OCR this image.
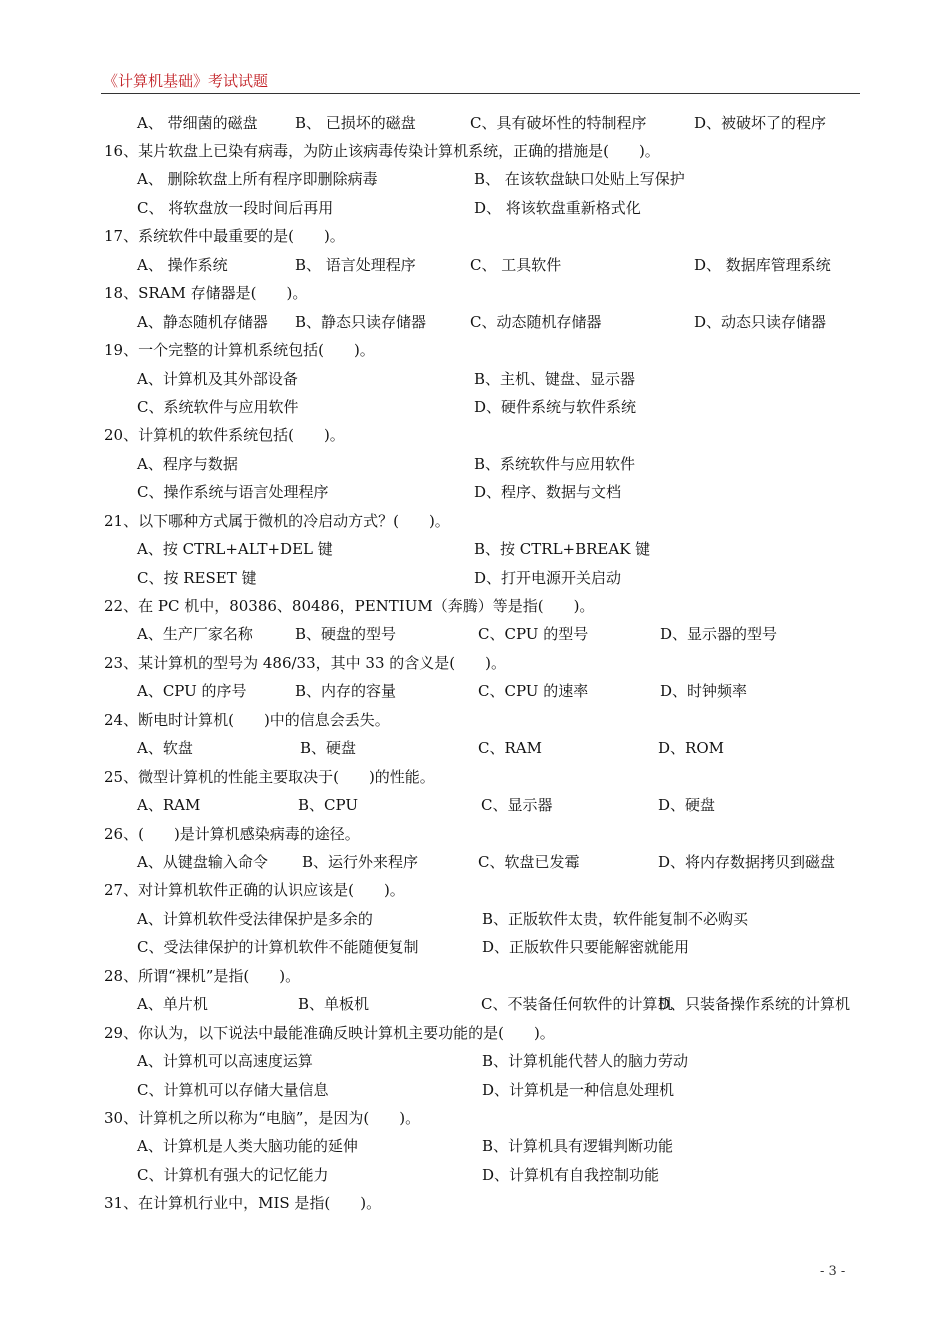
《计算机基础》考试试题
A、 带细菌的磁盘 B、 已损坏的磁盘	C、具有破坏性的特制程序	D、被破坏了的程序
16、某片软盘上已染有病毒，为防止该病毒传染计算机系统，正确的措施是(　　)。
A、 删除软盘上所有程序即删除病毒	B、 在该软盘缺口处贴上写保护
C、 将软盘放一段时间后再用	D、 将该软盘重新格式化
17、系统软件中最重要的是(　　)。
A、 操作系统	B、 语言处理程序	C、 工具软件	D、 数据库管理系统
18、SRAM 存储器是(　　)。
A、静态随机存储器 B、静态只读存储器	C、动态随机存储器	D、动态只读存储器
19、一个完整的计算机系统包括(　　)。
A、计算机及其外部设备	B、主机、键盘、显示器
C、系统软件与应用软件	D、硬件系统与软件系统
20、计算机的软件系统包括(　　)。
A、程序与数据	B、系统软件与应用软件
C、操作系统与语言处理程序	D、程序、数据与文档
21、以下哪种方式属于微机的冷启动方式？(　　)。
A、按 CTRL+ALT+DEL 键	B、按 CTRL+BREAK 键
C、按 RESET 键	D、打开电源开关启动
22、在 PC 机中，80386、80486，PENTIUM（奔腾）等是指(　　)。
A、生产厂家名称	B、硬盘的型号	C、CPU 的型号	D、显示器的型号
23、某计算机的型号为 486/33，其中 33 的含义是(　　)。
A、CPU 的序号	B、内存的容量	C、CPU 的速率	D、时钟频率
24、断电时计算机(　　)中的信息会丢失。
A、软盘	B、硬盘	C、RAM	D、ROM
25、微型计算机的性能主要取决于(　　)的性能。
A、RAM	B、CPU	C、显示器	D、硬盘
26、(　　)是计算机感染病毒的途径。
A、从键盘输入命令 B、运行外来程序	C、软盘已发霉	D、将内存数据拷贝到磁盘
27、对计算机软件正确的认识应该是(　　)。
A、计算机软件受法律保护是多余的	B、正版软件太贵，软件能复制不必购买
C、受法律保护的计算机软件不能随便复制	D、正版软件只要能解密就能用
28、所谓“裸机”是指(　　)。
A、单片机	B、单板机	C、不装备任何软件的计算机
D、只装备操作系统的计算机
29、你认为，以下说法中最能准确反映计算机主要功能的是(　　)。
A、计算机可以高速度运算	B、计算机能代替人的脑力劳动
C、计算机可以存储大量信息	D、计算机是一种信息处理机
30、计算机之所以称为“电脑”，是因为(　　)。
A、计算机是人类大脑功能的延伸	B、计算机具有逻辑判断功能
C、计算机有强大的记忆能力	D、计算机有自我控制功能
31、在计算机行业中，MIS 是指(　　)。
- 3 -
